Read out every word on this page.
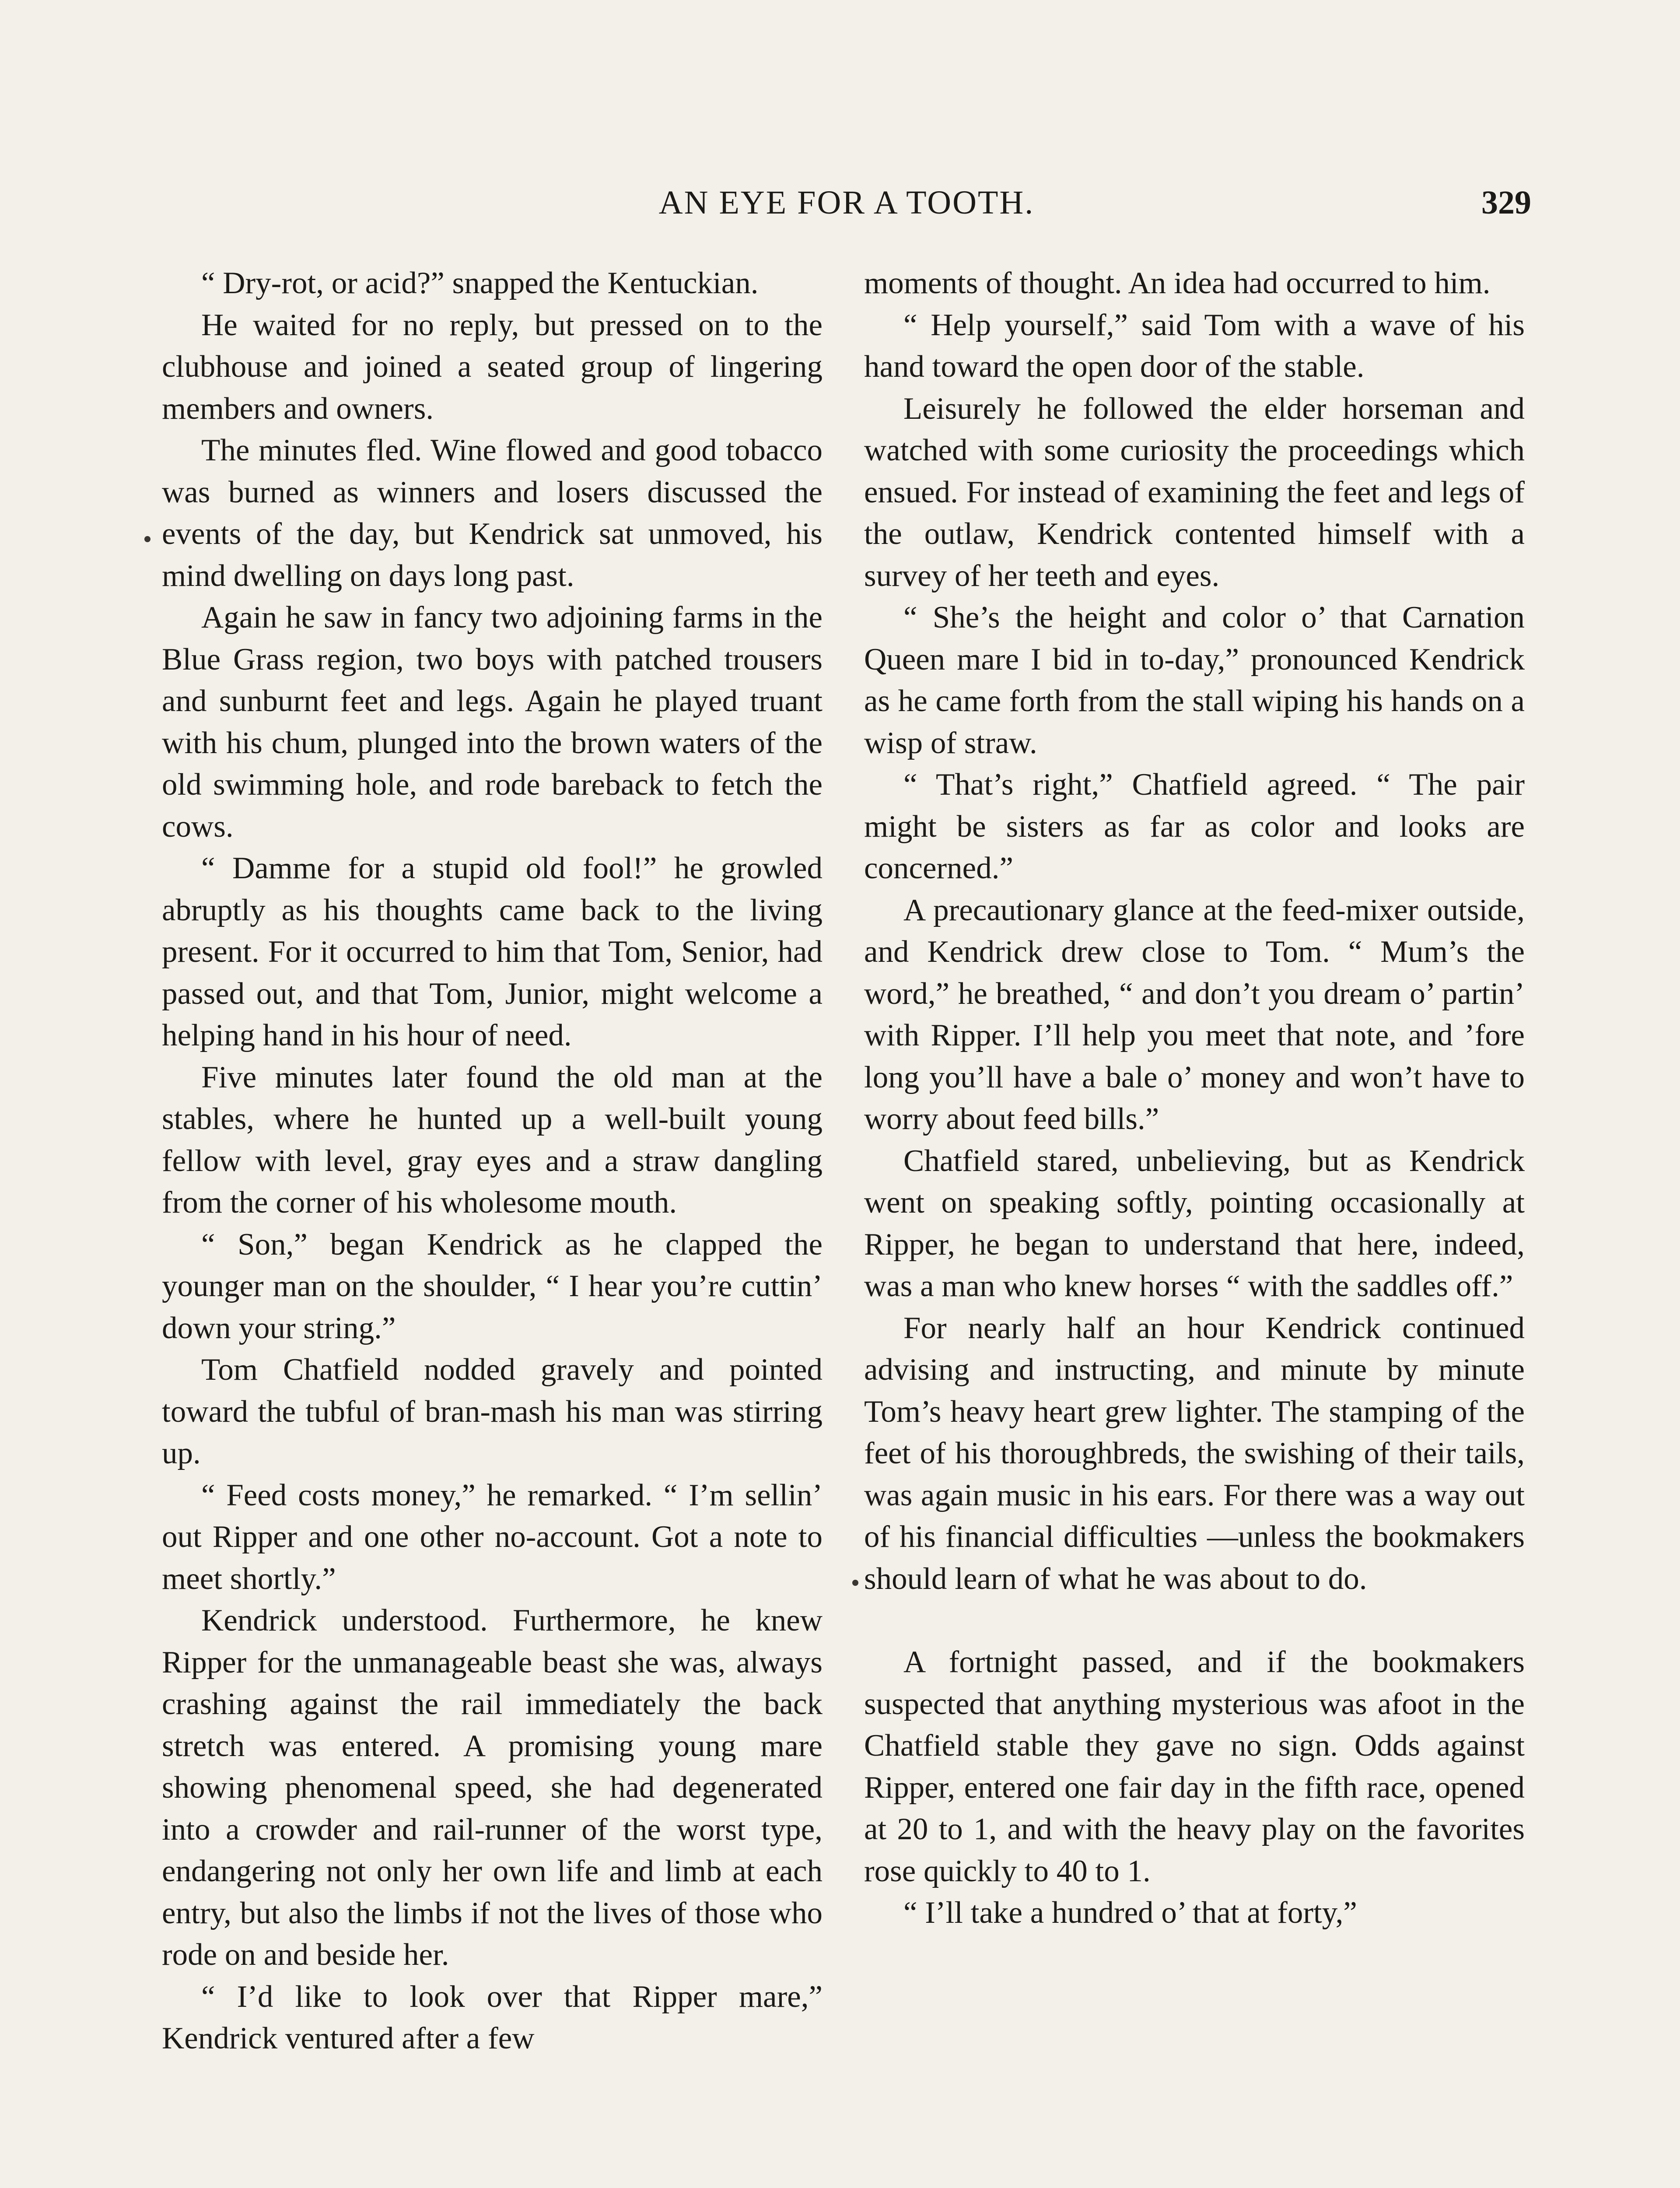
AN EYE FOR A TOOTH.	329

“ Dry-rot, or acid?” snapped the Kentuckian.

He waited for no reply, but pressed on to the clubhouse and joined a seated group of lingering members and owners.

The minutes fled. Wine flowed and good tobacco was burned as winners and losers discussed the events of the day, but Kendrick sat unmoved, his mind dwelling on days long past.

Again he saw in fancy two adjoining farms in the Blue Grass region, two boys with patched trousers and sunburnt feet and legs. Again he played truant with his chum, plunged into the brown waters of the old swimming hole, and rode bareback to fetch the cows.

“ Damme for a stupid old fool!” he growled abruptly as his thoughts came back to the living present. For it occurred to him that Tom, Senior, had passed out, and that Tom, Junior, might welcome a helping hand in his hour of need.

Five minutes later found the old man at the stables, where he hunted up a well-built young fellow with level, gray eyes and a straw dangling from the corner of his wholesome mouth.

“ Son,” began Kendrick as he clapped the younger man on the shoulder, “ I hear you’re cuttin’ down your string.”

Tom Chatfield nodded gravely and pointed toward the tubful of bran-mash his man was stirring up.

“ Feed costs money,” he remarked. “ I’m sellin’ out Ripper and one other no-account. Got a note to meet shortly.”

Kendrick understood. Furthermore, he knew Ripper for the unmanageable beast she was, always crashing against the rail immediately the back stretch was entered. A promising young mare showing phenomenal speed, she had degenerated into a crowder and rail-runner of the worst type, endangering not only her own life and limb at each entry, but also the limbs if not the lives of those who rode on and beside her.

“ I’d like to look over that Ripper mare,” Kendrick ventured after a few

moments of thought. An idea had occurred to him.

“ Help yourself,” said Tom with a wave of his hand toward the open door of the stable.

Leisurely he followed the elder horseman and watched with some curiosity the proceedings which ensued. For instead of examining the feet and legs of the outlaw, Kendrick contented himself with a survey of her teeth and eyes.

“ She’s the height and color o’ that Carnation Queen mare I bid in to-day,” pronounced Kendrick as he came forth from the stall wiping his hands on a wisp of straw.

“ That’s right,” Chatfield agreed. “ The pair might be sisters as far as color and looks are concerned.”

A precautionary glance at the feed-mixer outside, and Kendrick drew close to Tom. “ Mum’s the word,” he breathed, “ and don’t you dream o’ partin’ with Ripper. I’ll help you meet that note, and ’fore long you’ll have a bale o’ money and won’t have to worry about feed bills.”

Chatfield stared, unbelieving, but as Kendrick went on speaking softly, pointing occasionally at Ripper, he began to understand that here, indeed, was a man who knew horses “ with the saddles off.”

For nearly half an hour Kendrick continued advising and instructing, and minute by minute Tom’s heavy heart grew lighter. The stamping of the feet of his thoroughbreds, the swishing of their tails, was again music in his ears. For there was a way out of his financial difficulties —unless the bookmakers should learn of what he was about to do.

A fortnight passed, and if the bookmakers suspected that anything mysterious was afoot in the Chatfield stable they gave no sign. Odds against Ripper, entered one fair day in the fifth race, opened at 20 to 1, and with the heavy play on the favorites rose quickly to 40 to 1.

“ I’ll take a hundred o’ that at forty,”
